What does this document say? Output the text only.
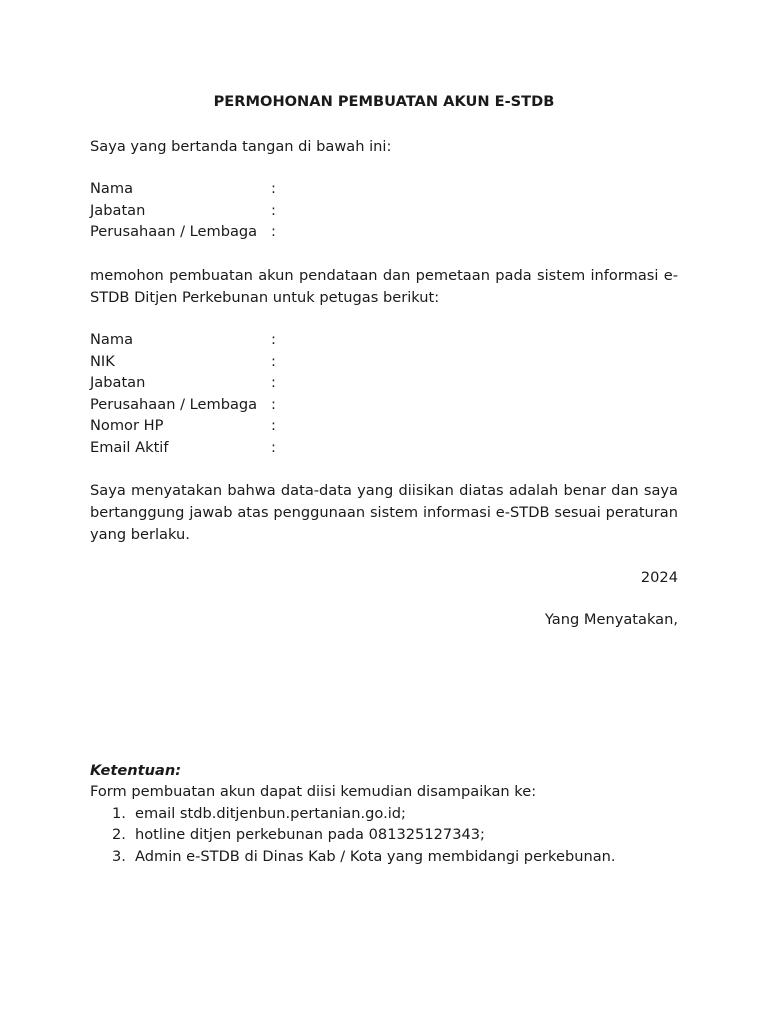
PERMOHONAN PEMBUATAN AKUN E-STDB
Saya yang bertanda tangan di bawah ini:
Nama	:
Jabatan	:
Perusahaan / Lembaga :
memohon pembuatan akun pendataan dan pemetaan pada sistem informasi e-STDB Ditjen Perkebunan untuk petugas berikut:
Nama	:
NIK	:
Jabatan	:
Perusahaan / Lembaga :
Nomor HP	:
Email Aktif	:
Saya menyatakan bahwa data-data yang diisikan diatas adalah benar dan saya bertanggung jawab atas penggunaan sistem informasi e-STDB sesuai peraturan yang berlaku.
2024
Yang Menyatakan,
Ketentuan:
Form pembuatan akun dapat diisi kemudian disampaikan ke:
1. email stdb.ditjenbun.pertanian.go.id;
2. hotline ditjen perkebunan pada 081325127343;
3. Admin e-STDB di Dinas Kab / Kota yang membidangi perkebunan.
